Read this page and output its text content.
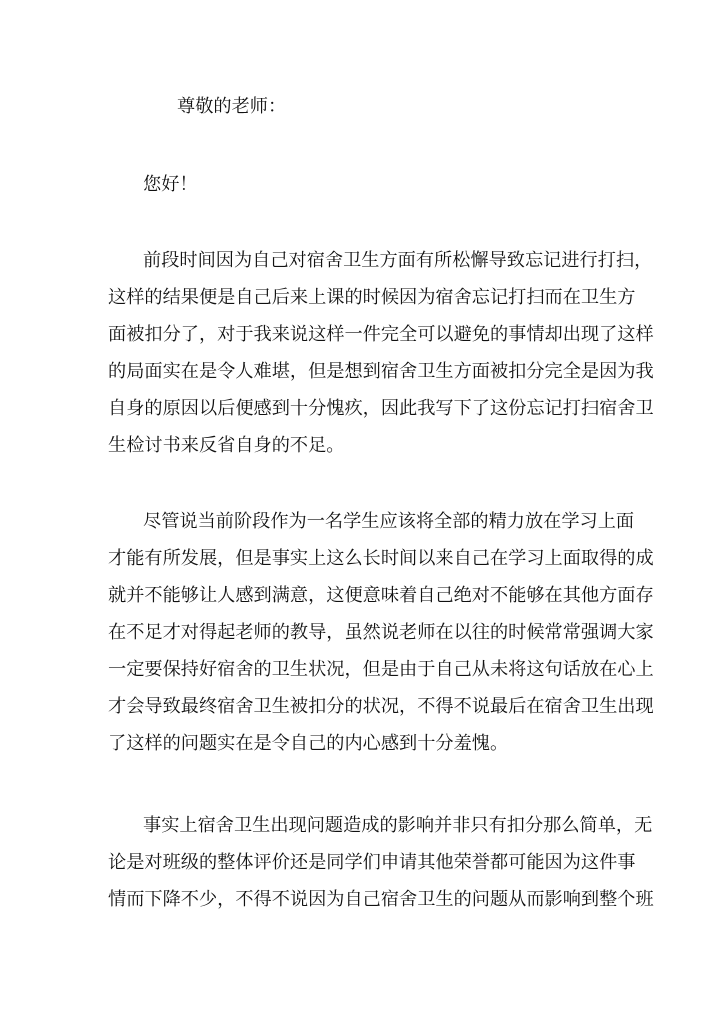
尊敬的老师：

您好！

前段时间因为自己对宿舍卫生方面有所松懈导致忘记进行打扫，

这样的结果便是自己后来上课的时候因为宿舍忘记打扫而在卫生方

面被扣分了，对于我来说这样一件完全可以避免的事情却出现了这样

的局面实在是令人难堪，但是想到宿舍卫生方面被扣分完全是因为我

自身的原因以后便感到十分愧疚，因此我写下了这份忘记打扫宿舍卫

生检讨书来反省自身的不足。

尽管说当前阶段作为一名学生应该将全部的精力放在学习上面

才能有所发展，但是事实上这么长时间以来自己在学习上面取得的成

就并不能够让人感到满意，这便意味着自己绝对不能够在其他方面存

在不足才对得起老师的教导，虽然说老师在以往的时候常常强调大家

一定要保持好宿舍的卫生状况，但是由于自己从未将这句话放在心上

才会导致最终宿舍卫生被扣分的状况，不得不说最后在宿舍卫生出现

了这样的问题实在是令自己的内心感到十分羞愧。

事实上宿舍卫生出现问题造成的影响并非只有扣分那么简单，无

论是对班级的整体评价还是同学们申请其他荣誉都可能因为这件事

情而下降不少，不得不说因为自己宿舍卫生的问题从而影响到整个班
